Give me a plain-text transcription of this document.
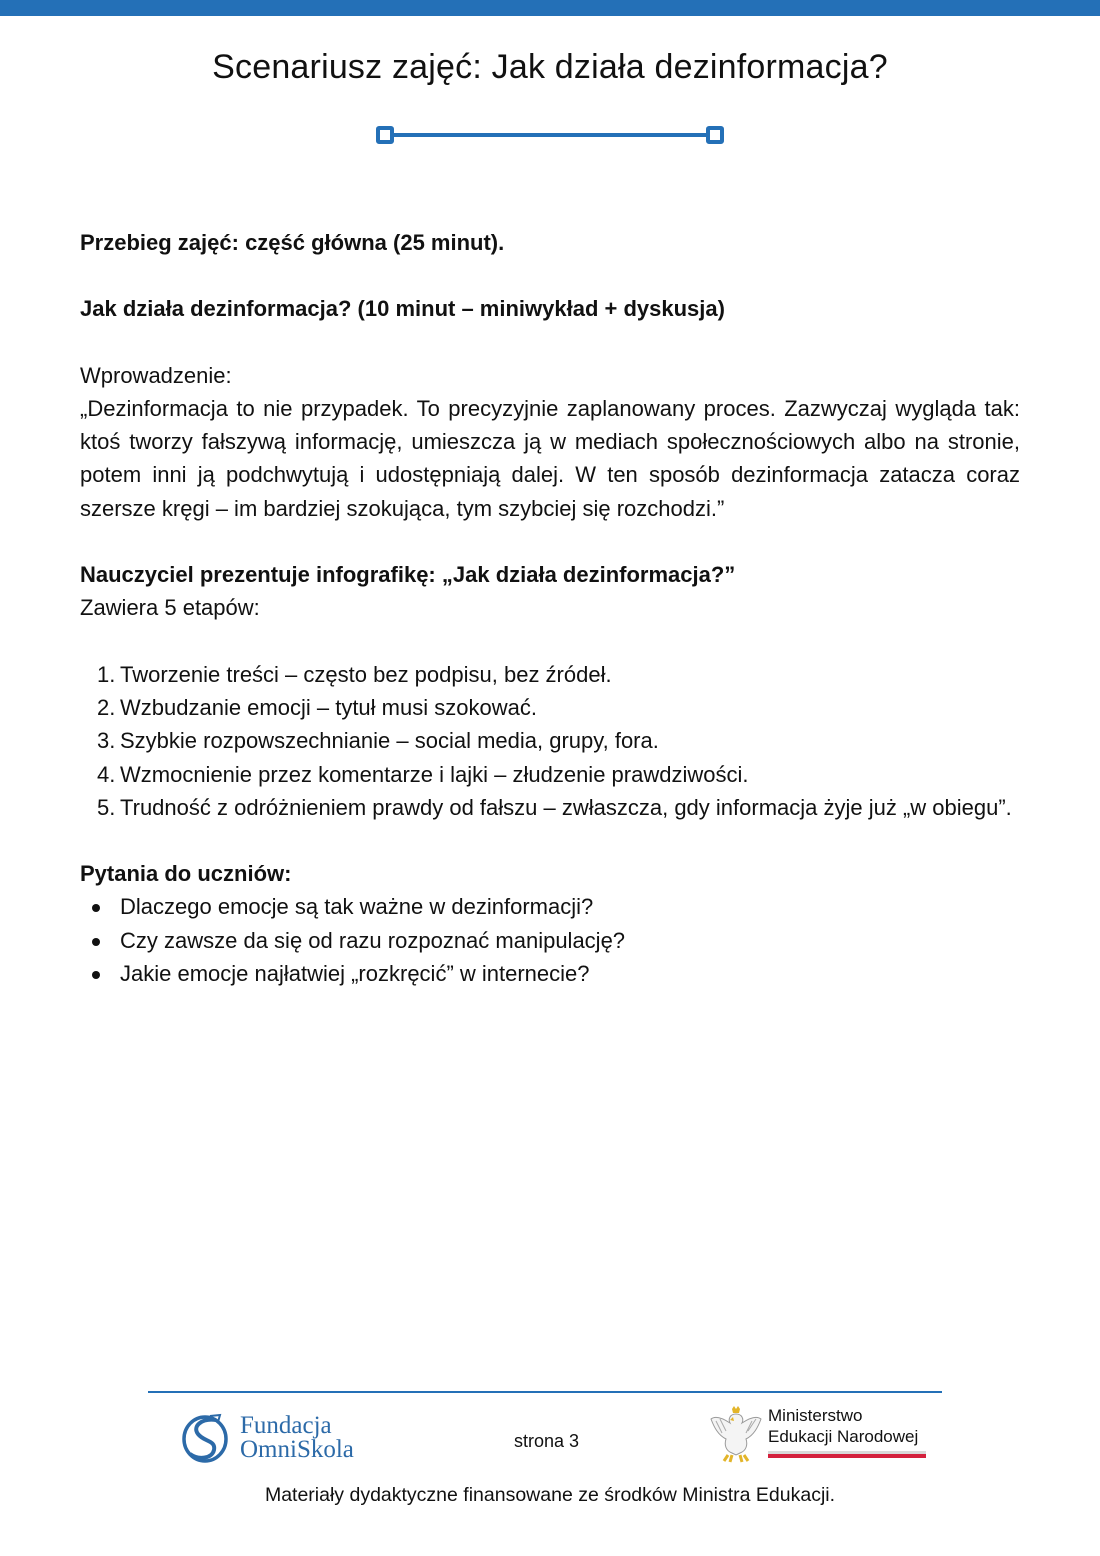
Scenariusz zajęć: Jak działa dezinformacja?
Przebieg zajęć: część główna (25 minut).
Jak działa dezinformacja? (10 minut – miniwykład + dyskusja)
Wprowadzenie:

„Dezinformacja to nie przypadek. To precyzyjnie zaplanowany proces. Zazwyczaj wygląda tak: ktoś tworzy fałszywą informację, umieszcza ją w mediach społecznościowych albo na stronie, potem inni ją podchwytują i udostępniają dalej. W ten sposób dezinformacja zatacza coraz szersze kręgi – im bardziej szokująca, tym szybciej się rozchodzi.”

Nauczyciel prezentuje infografikę: „Jak działa dezinformacja?”
Zawiera 5 etapów:
1. Tworzenie treści – często bez podpisu, bez źródeł.
2. Wzbudzanie emocji – tytuł musi szokować.
3. Szybkie rozpowszechnianie – social media, grupy, fora.
4. Wzmocnienie przez komentarze i lajki – złudzenie prawdziwości.
5. Trudność z odróżnieniem prawdy od fałszu – zwłaszcza, gdy informacja żyje już „w obiegu”.
Pytania do uczniów:
Dlaczego emocje są tak ważne w dezinformacji?
Czy zawsze da się od razu rozpoznać manipulację?
Jakie emocje najłatwiej „rozkręcić” w internecie?
Fundacja
OmniSkola	strona 3
Ministerstwo
Edukacji Narodowej
Materiały dydaktyczne finansowane ze środków Ministra Edukacji.
